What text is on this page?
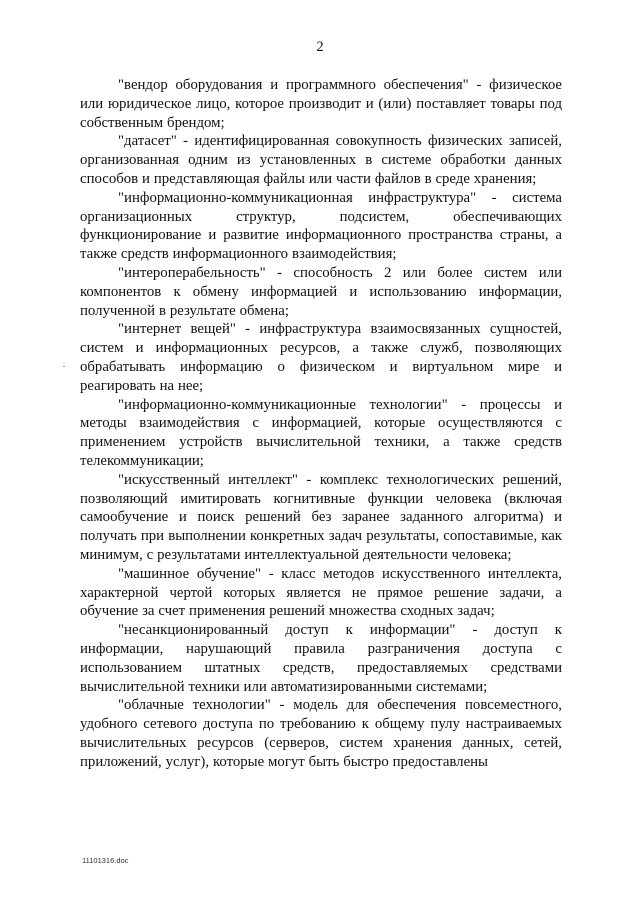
2

"вендор оборудования и программного обеспечения" - физическое или юридическое лицо, которое производит и (или) поставляет товары под собственным брендом;

"датасет" - идентифицированная совокупность физических записей, организованная одним из установленных в системе обработки данных способов и представляющая файлы или части файлов в среде хранения;

"информационно-коммуникационная инфраструктура" - система организационных структур, подсистем, обеспечивающих функционирование и развитие информационного пространства страны, а также средств информационного взаимодействия;

"интероперабельность" - способность 2 или более систем или компонентов к обмену информацией и использованию информации, полученной в результате обмена;

"интернет вещей" - инфраструктура взаимосвязанных сущностей, систем и информационных ресурсов, а также служб, позволяющих обрабатывать информацию о физическом и виртуальном мире и реагировать на нее;

"информационно-коммуникационные технологии" - процессы и методы взаимодействия с информацией, которые осуществляются с применением устройств вычислительной техники, а также средств телекоммуникации;

"искусственный интеллект" - комплекс технологических решений, позволяющий имитировать когнитивные функции человека (включая самообучение и поиск решений без заранее заданного алгоритма) и получать при выполнении конкретных задач результаты, сопоставимые, как минимум, с результатами интеллектуальной деятельности человека;

"машинное обучение" - класс методов искусственного интеллекта, характерной чертой которых является не прямое решение задачи, а обучение за счет применения решений множества сходных задач;

"несанкционированный доступ к информации" - доступ к информации, нарушающий правила разграничения доступа с использованием штатных средств, предоставляемых средствами вычислительной техники или автоматизированными системами;

"облачные технологии" - модель для обеспечения повсеместного, удобного сетевого доступа по требованию к общему пулу настраиваемых вычислительных ресурсов (серверов, систем хранения данных, сетей, приложений, услуг), которые могут быть быстро предоставлены

11101316.doc
